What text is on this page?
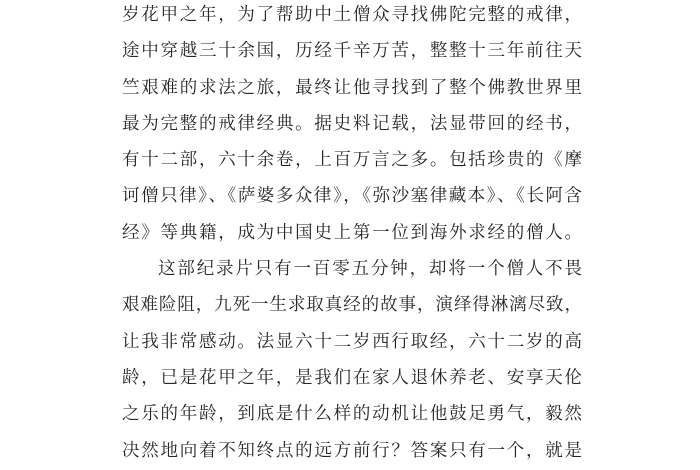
岁花甲之年，为了帮助中土僧众寻找佛陀完整的戒律，
途中穿越三十余国，历经千辛万苦，整整十三年前往天
竺艰难的求法之旅，最终让他寻找到了整个佛教世界里
最为完整的戒律经典。据史料记载，法显带回的经书，
有十二部，六十余卷，上百万言之多。包括珍贵的《摩
诃僧只律》、《萨婆多众律》，《弥沙塞律藏本》、《长阿含
经》等典籍，成为中国史上第一位到海外求经的僧人。
这部纪录片只有一百零五分钟，却将一个僧人不畏
艰难险阻，九死一生求取真经的故事，演绎得淋漓尽致，
让我非常感动。法显六十二岁西行取经，六十二岁的高
龄，已是花甲之年，是我们在家人退休养老、安享天伦
之乐的年龄，到底是什么样的动机让他鼓足勇气，毅然
决然地向着不知终点的远方前行？答案只有一个，就是
